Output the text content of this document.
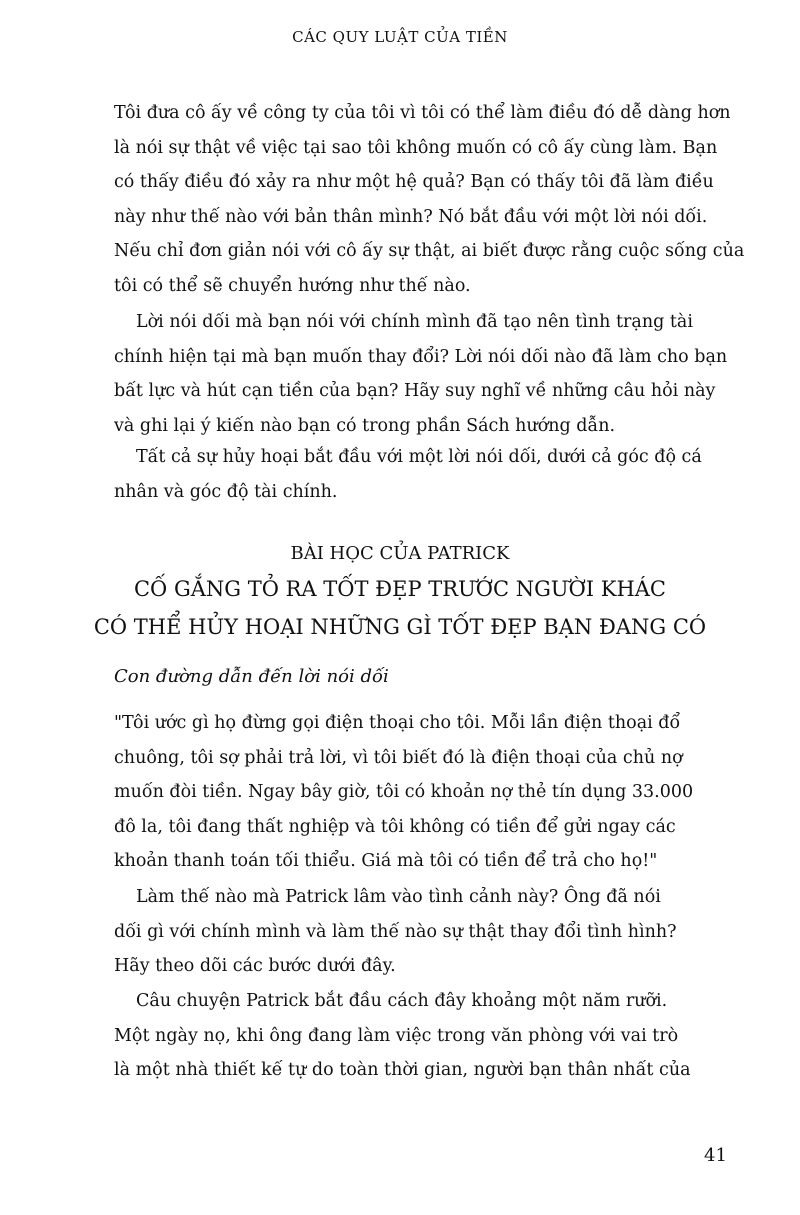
CÁC QUY LUẬT CỦA TIỀN

Tôi đưa cô ấy về công ty của tôi vì tôi có thể làm điều đó dễ dàng hơn
là nói sự thật về việc tại sao tôi không muốn có cô ấy cùng làm. Bạn
có thấy điều đó xảy ra như một hệ quả? Bạn có thấy tôi đã làm điều
này như thế nào với bản thân mình? Nó bắt đầu với một lời nói dối.
Nếu chỉ đơn giản nói với cô ấy sự thật, ai biết được rằng cuộc sống của
tôi có thể sẽ chuyển hướng như thế nào.

Lời nói dối mà bạn nói với chính mình đã tạo nên tình trạng tài
chính hiện tại mà bạn muốn thay đổi? Lời nói dối nào đã làm cho bạn
bất lực và hút cạn tiền của bạn? Hãy suy nghĩ về những câu hỏi này
và ghi lại ý kiến nào bạn có trong phần Sách hướng dẫn.

Tất cả sự hủy hoại bắt đầu với một lời nói dối, dưới cả góc độ cá
nhân và góc độ tài chính.

BÀI HỌC CỦA PATRICK
CỐ GẮNG TỎ RA TỐT ĐẸP TRƯỚC NGƯỜI KHÁC
CÓ THỂ HỦY HOẠI NHỮNG GÌ TỐT ĐẸP BẠN ĐANG CÓ

Con đường dẫn đến lời nói dối

"Tôi ước gì họ đừng gọi điện thoại cho tôi. Mỗi lần điện thoại đổ
chuông, tôi sợ phải trả lời, vì tôi biết đó là điện thoại của chủ nợ
muốn đòi tiền. Ngay bây giờ, tôi có khoản nợ thẻ tín dụng 33.000
đô la, tôi đang thất nghiệp và tôi không có tiền để gửi ngay các
khoản thanh toán tối thiểu. Giá mà tôi có tiền để trả cho họ!"

Làm thế nào mà Patrick lâm vào tình cảnh này? Ông đã nói
dối gì với chính mình và làm thế nào sự thật thay đổi tình hình?
Hãy theo dõi các bước dưới đây.

Câu chuyện Patrick bắt đầu cách đây khoảng một năm rưỡi.
Một ngày nọ, khi ông đang làm việc trong văn phòng với vai trò
là một nhà thiết kế tự do toàn thời gian, người bạn thân nhất của

41
